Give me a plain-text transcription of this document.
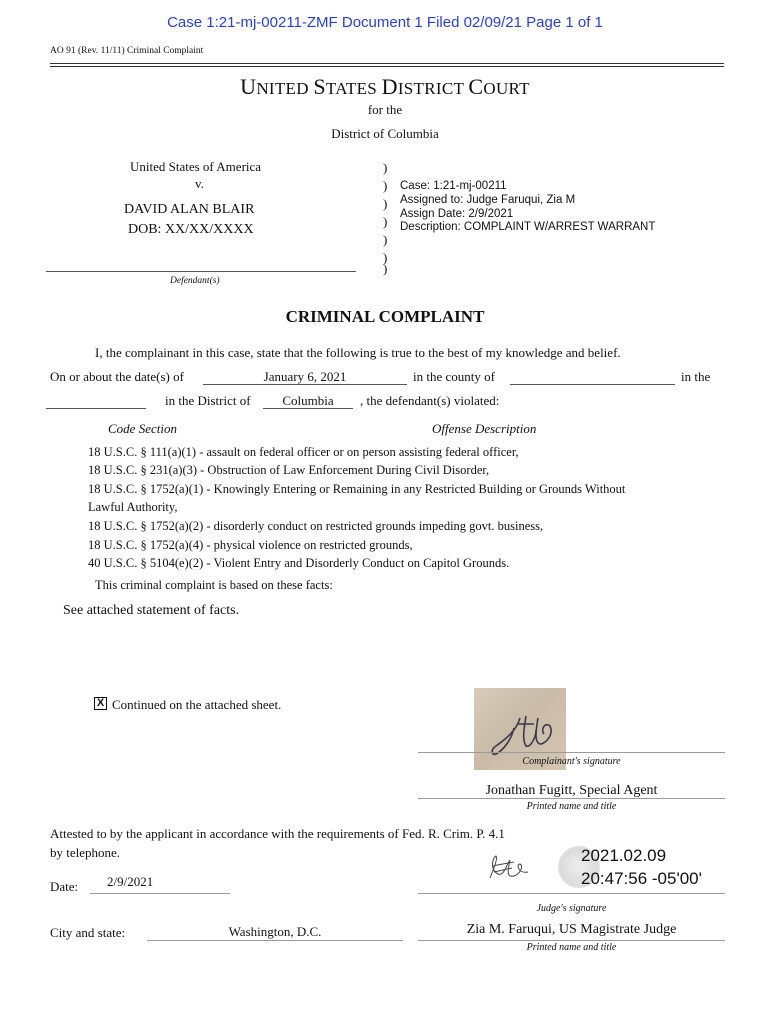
Case 1:21-mj-00211-ZMF Document 1 Filed 02/09/21 Page 1 of 1
AO 91 (Rev. 11/11) Criminal Complaint
UNITED STATES DISTRICT COURT
for the
District of Columbia
United States of America
v.
DAVID ALAN BLAIR
DOB: XX/XX/XXXX
Defendant(s)
)
)
)
)
)
)
)
Case: 1:21-mj-00211
Assigned to: Judge Faruqui, Zia M
Assign Date: 2/9/2021
Description: COMPLAINT W/ARREST WARRANT
CRIMINAL COMPLAINT
I, the complainant in this case, state that the following is true to the best of my knowledge and belief.
On or about the date(s) of	January 6, 2021	in the county of	in the
in the District of	Columbia	, the defendant(s) violated:
Code Section	Offense Description
18 U.S.C. § 111(a)(1) - assault on federal officer or on person assisting federal officer,
18 U.S.C. § 231(a)(3) - Obstruction of Law Enforcement During Civil Disorder,
18 U.S.C. § 1752(a)(1) - Knowingly Entering or Remaining in any Restricted Building or Grounds Without
Lawful Authority,
18 U.S.C. § 1752(a)(2) - disorderly conduct on restricted grounds impeding govt. business,
18 U.S.C. § 1752(a)(4) - physical violence on restricted grounds,
40 U.S.C. § 5104(e)(2) - Violent Entry and Disorderly Conduct on Capitol Grounds.
This criminal complaint is based on these facts:
See attached statement of facts.
X Continued on the attached sheet.
Complainant's signature
Jonathan Fugitt, Special Agent
Printed name and title
Attested to by the applicant in accordance with the requirements of Fed. R. Crim. P. 4.1
by telephone.
Date: 2/9/2021
2021.02.09
20:47:56 -05'00'
Judge's signature
City and state:	Washington, D.C.	Zia M. Faruqui, US Magistrate Judge
Printed name and title
